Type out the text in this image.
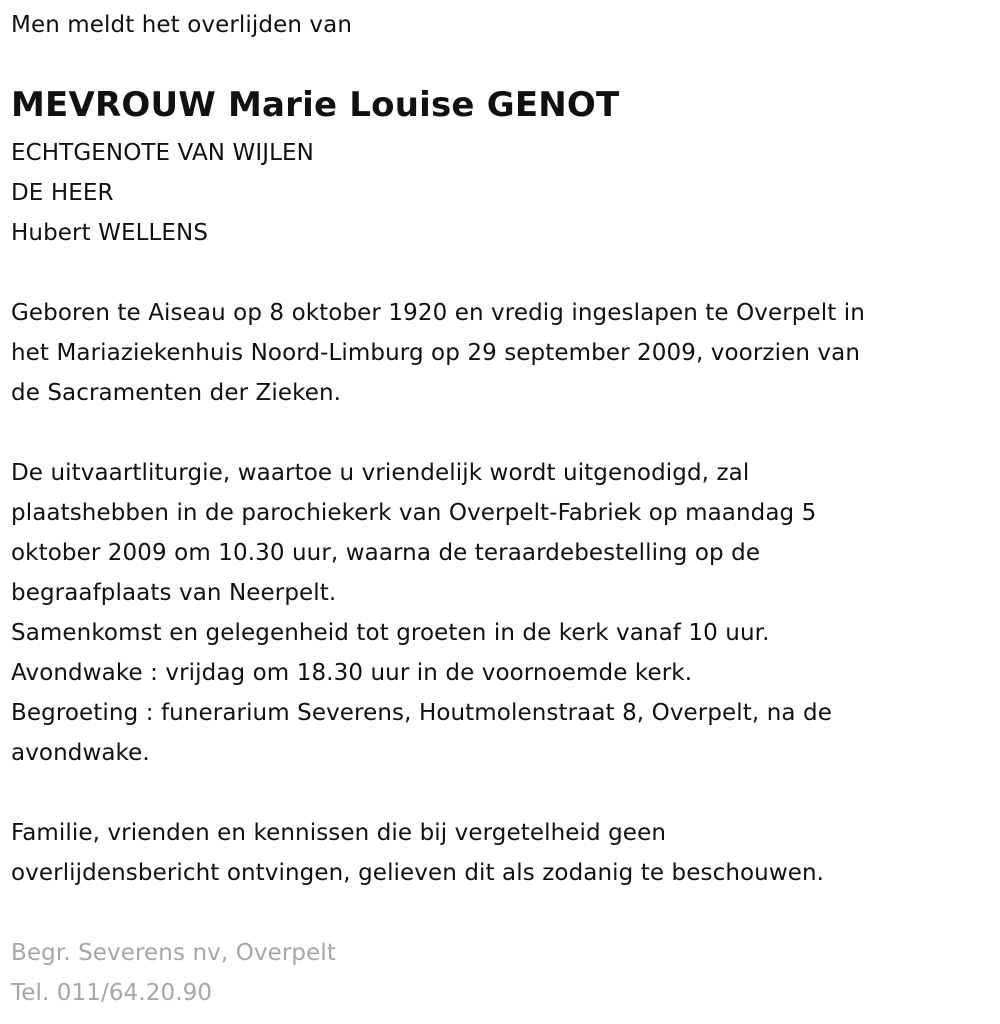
Men meldt het overlijden van
MEVROUW Marie Louise GENOT
ECHTGENOTE VAN WIJLEN
DE HEER
Hubert WELLENS
Geboren te Aiseau op 8 oktober 1920 en vredig ingeslapen te Overpelt in
het Mariaziekenhuis Noord-Limburg op 29 september 2009, voorzien van
de Sacramenten der Zieken.
De uitvaartliturgie, waartoe u vriendelijk wordt uitgenodigd, zal
plaatshebben in de parochiekerk van Overpelt-Fabriek op maandag 5
oktober 2009 om 10.30 uur, waarna de teraardebestelling op de
begraafplaats van Neerpelt.
Samenkomst en gelegenheid tot groeten in de kerk vanaf 10 uur.
Avondwake : vrijdag om 18.30 uur in de voornoemde kerk.
Begroeting : funerarium Severens, Houtmolenstraat 8, Overpelt, na de
avondwake.
Familie, vrienden en kennissen die bij vergetelheid geen
overlijdensbericht ontvingen, gelieven dit als zodanig te beschouwen.
Begr. Severens nv, Overpelt
Tel. 011/64.20.90
